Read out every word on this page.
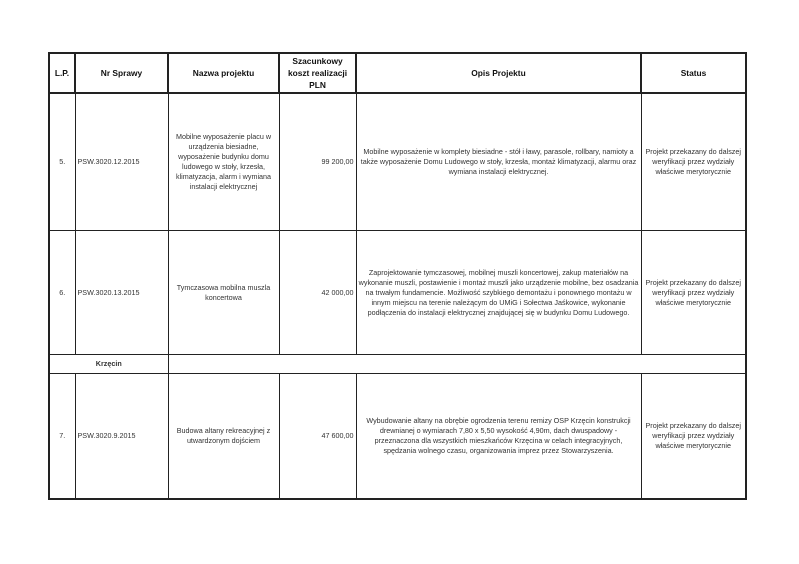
L.P.	Nr Sprawy	Nazwa projektu	Szacunkowy koszt realizacji PLN	Opis Projektu	Status
5.	PSW.3020.12.2015	Mobilne wyposażenie placu w urządzenia biesiadne, wyposażenie budynku domu ludowego w stoły, krzesła, klimatyzacja, alarm i wymiana instalacji elektrycznej	99 200,00	Mobilne wyposażenie w komplety biesiadne - stół i ławy, parasole, rollbary, namioty a także wyposażenie Domu Ludowego w stoły, krzesła, montaż klimatyzacji, alarmu oraz wymiana instalacji elektrycznej.	Projekt przekazany do dalszej weryfikacji przez wydziały właściwe merytorycznie
6.	PSW.3020.13.2015	Tymczasowa mobilna muszla koncertowa	42 000,00	Zaprojektowanie tymczasowej, mobilnej muszli koncertowej, zakup materiałów na wykonanie muszli, postawienie i montaż muszli jako urządzenie mobilne, bez osadzania na trwałym fundamencie. Możliwość szybkiego demontażu i ponownego montażu w innym miejscu na terenie należącym do UMiG i Sołectwa Jaśkowice, wykonanie podłączenia do instalacji elektrycznej znajdującej się w budynku Domu Ludowego.	Projekt przekazany do dalszej weryfikacji przez wydziały właściwe merytorycznie
Krzęcin					
7.	PSW.3020.9.2015	Budowa altany rekreacyjnej z utwardzonym dojściem	47 600,00	Wybudowanie altany na obrębie ogrodzenia terenu remizy OSP Krzęcin konstrukcji drewnianej o wymiarach 7,80 x 5,50 wysokość 4,90m, dach dwuspadowy - przeznaczona dla wszystkich mieszkańców Krzęcina w celach integracyjnych, spędzania wolnego czasu, organizowania imprez przez Stowarzyszenia.	Projekt przekazany do dalszej weryfikacji przez wydziały właściwe merytorycznie
